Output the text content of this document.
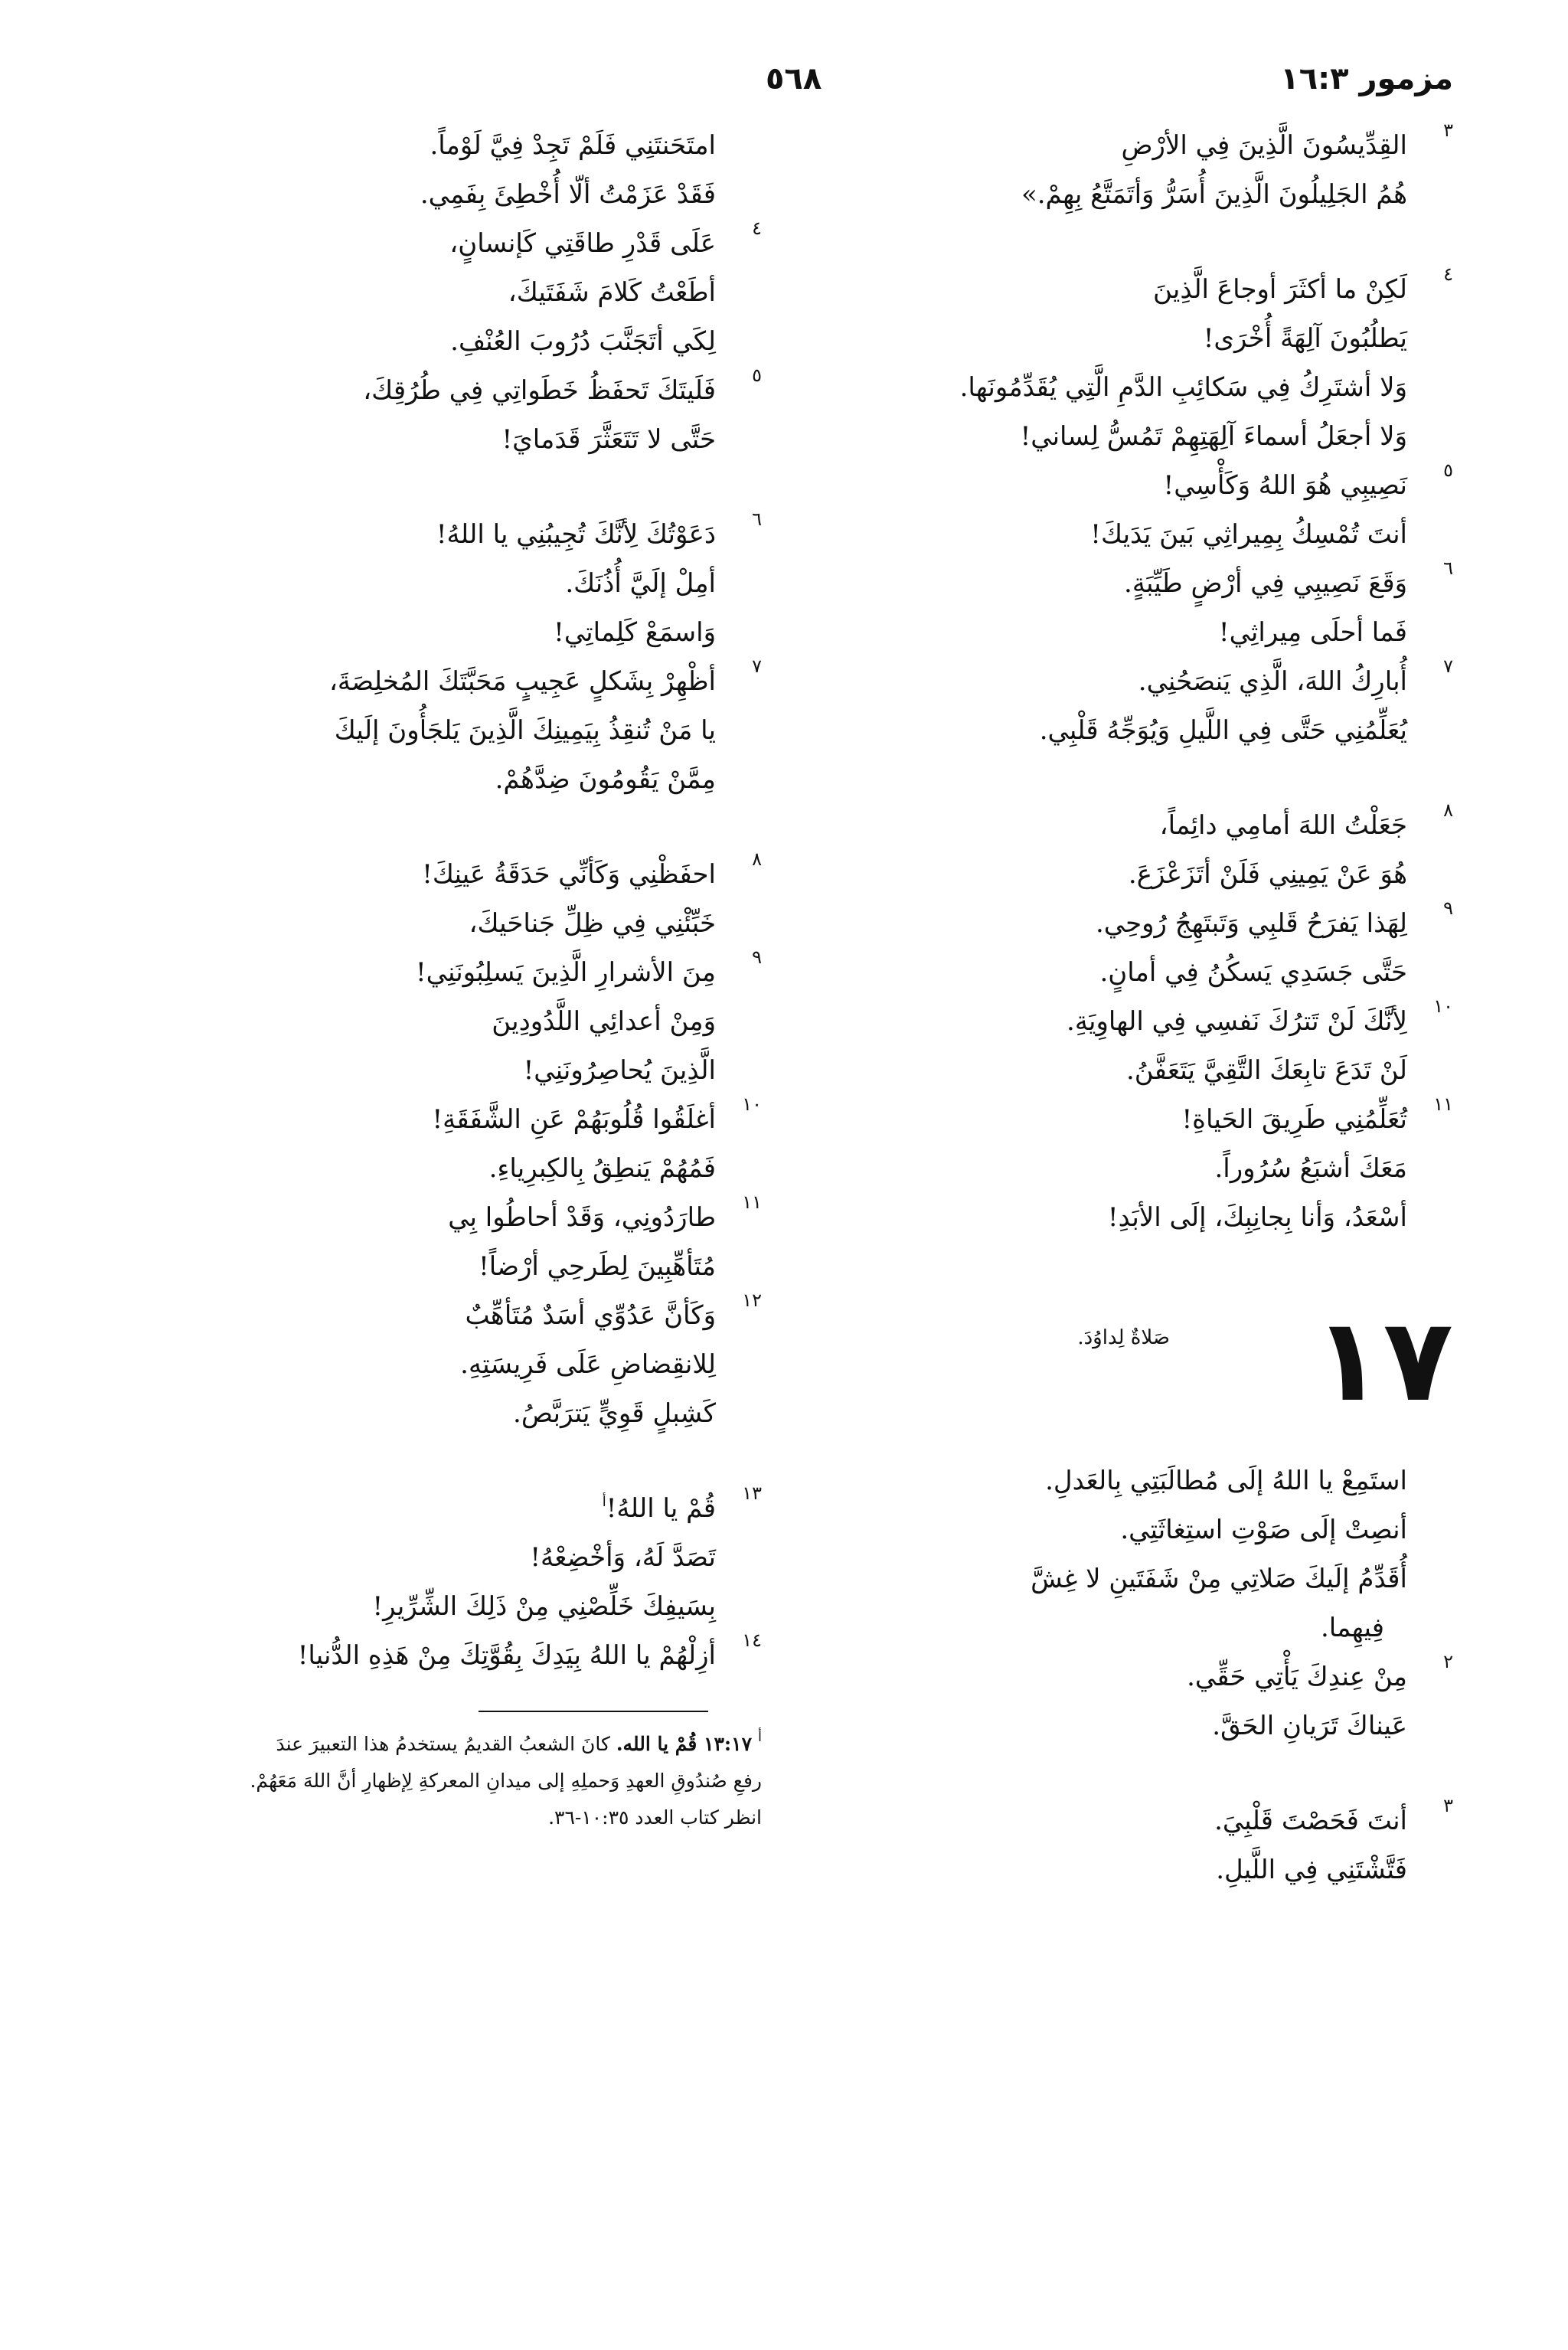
مزمور ١٦:٣
٥٦٨
٣
القِدِّيسُونَ الَّذِينَ فِي الأرْضِ
هُمُ الجَلِيلُونَ الَّذِينَ أُسَرُّ وَأتَمَتَّعُ بِهِمْ.»
٤
لَكِنْ ما أكثَرَ أوجاعَ الَّذِينَ
يَطلُبُونَ آلِهَةً أُخْرَى!
وَلا أشتَرِكُ فِي سَكائِبِ الدَّمِ الَّتِي يُقَدِّمُونَها.
وَلا أجعَلُ أسماءَ آلِهَتِهِمْ تَمُسُّ لِساني!
٥
نَصِيبِي هُوَ اللهُ وَكَأْسِي!
أنتَ تُمْسِكُ بِمِيراثِي بَينَ يَدَيكَ!
٦
وَقَعَ نَصِيبِي فِي أرْضٍ طَيِّبَةٍ.
فَما أحلَى مِيراثِي!
٧
أُبارِكُ اللهَ، الَّذِي يَنصَحُنِي.
يُعَلِّمُنِي حَتَّى فِي اللَّيلِ وَيُوَجِّهُ قَلْبِي.
٨
جَعَلْتُ اللهَ أمامِي دائِماً،
هُوَ عَنْ يَمِينِي فَلَنْ أتَزَعْزَعَ.
٩
لِهَذا يَفرَحُ قَلبِي وَتَبتَهِجُ رُوحِي.
حَتَّى جَسَدِي يَسكُنُ فِي أمانٍ.
١٠
لِأنَّكَ لَنْ تَترُكَ نَفسِي فِي الهاوِيَةِ.
لَنْ تَدَعَ تابِعَكَ التَّقِيَّ يَتَعَفَّنُ.
١١
تُعَلِّمُنِي طَرِيقَ الحَياةِ!
مَعَكَ أشبَعُ سُرُوراً.
أسْعَدُ، وَأنا بِجانِبِكَ، إلَى الأبَدِ!
١٧
صَلاةٌ لِداوُدَ.
استَمِعْ يا اللهُ إلَى مُطالَبَتِي بِالعَدلِ.
أنصِتْ إلَى صَوْتِ استِغاثَتِي.
أُقَدِّمُ إلَيكَ صَلاتِي مِنْ شَفَتَينِ لا غِشَّ
فِيهِما.
٢
مِنْ عِندِكَ يَأْتِي حَقِّي.
عَيناكَ تَرَيانِ الحَقَّ.
٣
أنتَ فَحَصْتَ قَلْبِيَ.
فَتَّشْتَنِي فِي اللَّيلِ.
امتَحَنتَنِي فَلَمْ تَجِدْ فِيَّ لَوْماً.
فَقَدْ عَزَمْتُ ألّا أُخْطِئَ بِفَمِي.
٤
عَلَى قَدْرِ طاقَتِي كَإنسانٍ،
أطَعْتُ كَلامَ شَفَتَيكَ،
لِكَي أتَجَنَّبَ دُرُوبَ العُنْفِ.
٥
فَلَيتَكَ تَحفَظُ خَطَواتِي فِي طُرُقِكَ،
حَتَّى لا تَتَعَثَّرَ قَدَمايَ!
٦
دَعَوْتُكَ لِأنَّكَ تُجِيبُنِي يا اللهُ!
أمِلْ إلَيَّ أُذُنَكَ.
وَاسمَعْ كَلِماتِي!
٧
أظْهِرْ بِشَكلٍ عَجِيبٍ مَحَبَّتَكَ المُخلِصَةَ،
يا مَنْ تُنقِذُ بِيَمِينِكَ الَّذِينَ يَلجَأُونَ إلَيكَ
مِمَّنْ يَقُومُونَ ضِدَّهُمْ.
٨
احفَظْنِي وَكَأنِّي حَدَقَةُ عَينِكَ!
خَبِّئْنِي فِي ظِلِّ جَناحَيكَ،
٩
مِنَ الأشرارِ الَّذِينَ يَسلِبُونَنِي!
وَمِنْ أعدائِي اللَّدُودِينَ
الَّذِينَ يُحاصِرُونَنِي!
١٠
أغلَقُوا قُلُوبَهُمْ عَنِ الشَّفَقَةِ!
فَمُهُمْ يَنطِقُ بِالكِبرِياءِ.
١١
طارَدُونِي، وَقَدْ أحاطُوا بِي
مُتَأهِّبِينَ لِطَرحِي أرْضاً!
١٢
وَكَأنَّ عَدُوِّي أسَدٌ مُتَأهِّبٌ
لِلانقِضاضِ عَلَى فَرِيسَتِهِ.
كَشِبلٍ قَوِيٍّ يَترَبَّصُ.
١٣
قُمْ يا اللهُ!$^أ$
تَصَدَّ لَهُ، وَأخْضِعْهُ!
بِسَيفِكَ خَلِّصْنِي مِنْ ذَلِكَ الشِّرِّيرِ!
١٤
أزِلْهُمْ يا اللهُ بِيَدِكَ بِقُوَّتِكَ مِنْ هَذِهِ الدُّنيا!
$^أ$ ١٣:١٧ قُمْ يا الله. كانَ الشعبُ القديمُ يستخدمُ هذا التعبيرَ عندَ
رفعِ صُندُوقِ العهدِ وَحملِهِ إلى ميدانِ المعركةِ لِإظهارِ أنَّ اللهَ مَعَهُمْ.
انظر كتاب العدد ١٠:٣٥-٣٦.
